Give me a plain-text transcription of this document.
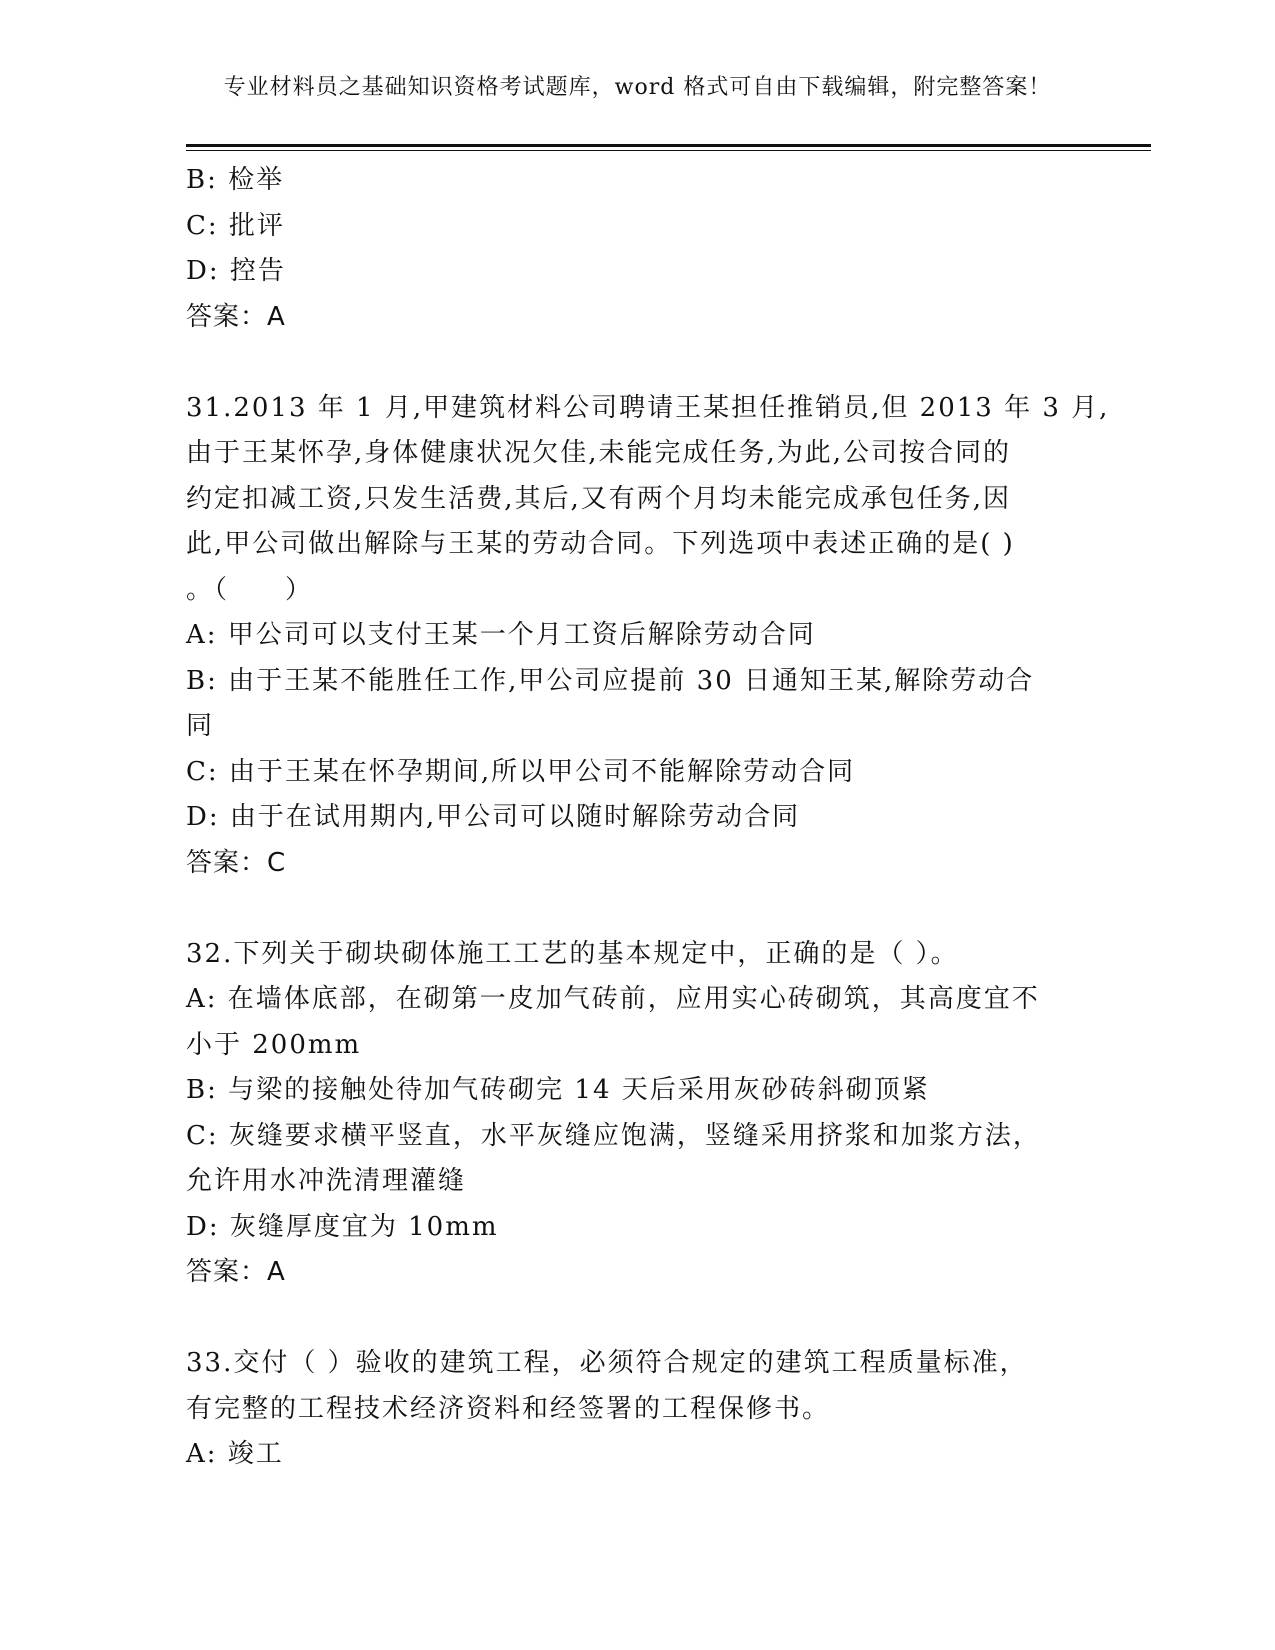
专业材料员之基础知识资格考试题库，word 格式可自由下载编辑，附完整答案！
B: 检举
C: 批评
D: 控告
答案：A
31.2013 年 1 月,甲建筑材料公司聘请王某担任推销员,但 2013 年 3 月,
由于王某怀孕,身体健康状况欠佳,未能完成任务,为此,公司按合同的
约定扣减工资,只发生活费,其后,又有两个月均未能完成承包任务,因
此,甲公司做出解除与王某的劳动合同。下列选项中表述正确的是( )
。（　　）
A: 甲公司可以支付王某一个月工资后解除劳动合同
B: 由于王某不能胜任工作,甲公司应提前 30 日通知王某,解除劳动合
同
C: 由于王某在怀孕期间,所以甲公司不能解除劳动合同
D: 由于在试用期内,甲公司可以随时解除劳动合同
答案：C
32.下列关于砌块砌体施工工艺的基本规定中，正确的是（ ）。
A: 在墙体底部，在砌第一皮加气砖前，应用实心砖砌筑，其高度宜不
小于 200mm
B: 与梁的接触处待加气砖砌完 14 天后采用灰砂砖斜砌顶紧
C: 灰缝要求横平竖直，水平灰缝应饱满，竖缝采用挤浆和加浆方法，
允许用水冲洗清理灌缝
D: 灰缝厚度宜为 10mm
答案：A
33.交付（ ）验收的建筑工程，必须符合规定的建筑工程质量标准，
有完整的工程技术经济资料和经签署的工程保修书。
A: 竣工
